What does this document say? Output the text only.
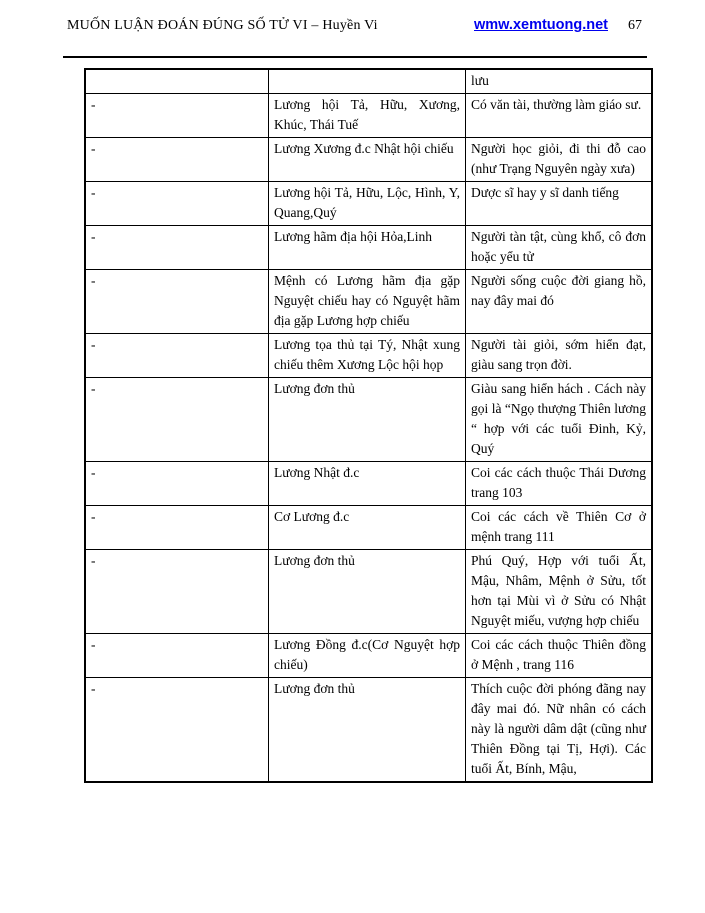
MUỐN LUẬN ĐOÁN ĐÚNG SỐ TỬ VI – Huyền Vi	wmw.xemtuong.net 67
		lưu
-	Lương hội Tả, Hữu, Xương, Khúc, Thái Tuế	Có văn tài, thường làm giáo sư.
-	Lương Xương đ.c Nhật hội chiếu	Người học giỏi, đi thi đỗ cao (như Trạng Nguyên ngày xưa)
-	Lương hội Tả, Hữu, Lộc, Hình, Y, Quang,Quý	Dược sĩ hay y sĩ danh tiếng
-	Lương hãm địa hội Hỏa,Linh	Người tàn tật, cùng khổ, cô đơn hoặc yểu tử
-	Mệnh có Lương hãm địa gặp Nguyệt chiếu hay có Nguyệt hãm địa gặp Lương hợp chiếu	Người sống cuộc đời giang hồ, nay đây mai đó
-	Lương tọa thủ tại Tý, Nhật xung chiếu thêm Xương Lộc hội họp	Người tài giỏi, sớm hiển đạt, giàu sang trọn đời.
-	Lương đơn thủ	Giàu sang hiển hách . Cách này gọi là “Ngọ thượng Thiên lương “ hợp với các tuổi Đinh, Kỷ, Quý
-	Lương Nhật đ.c	Coi các cách thuộc Thái Dương trang 103
-	Cơ Lương đ.c	Coi các cách về Thiên Cơ ở mệnh trang 111
-	Lương đơn thủ	Phú Quý, Hợp với tuổi Ất, Mậu, Nhâm, Mệnh ở Sửu, tốt hơn tại Mùi vì ở Sửu có Nhật Nguyệt miếu, vượng hợp chiếu
-	Lương Đồng đ.c(Cơ Nguyệt hợp chiếu)	Coi các cách thuộc Thiên đồng ở Mệnh , trang 116
-	Lương đơn thủ	Thích cuộc đời phóng đãng nay đây mai đó. Nữ nhân có cách này là người dâm dật (cũng như Thiên Đồng tại Tị, Hợi). Các tuổi Ất, Bính, Mậu,
